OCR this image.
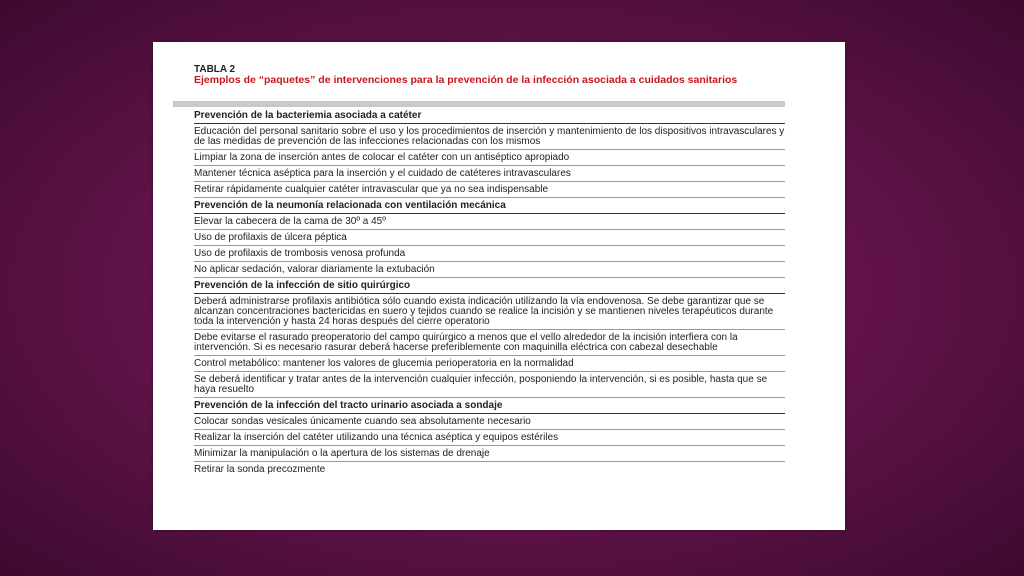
TABLA 2
Ejemplos de “paquetes” de intervenciones para la prevención de la infección asociada a cuidados sanitarios
Prevención de la bacteriemia asociada a catéter
Educación del personal sanitario sobre el uso y los procedimientos de inserción y mantenimiento de los dispositivos intravasculares y de las medidas de prevención de las infecciones relacionadas con los mismos
Limpiar la zona de inserción antes de colocar el catéter con un antiséptico apropiado
Mantener técnica aséptica para la inserción y el cuidado de catéteres intravasculares
Retirar rápidamente cualquier catéter intravascular que ya no sea indispensable
Prevención de la neumonía relacionada con ventilación mecánica
Elevar la cabecera de la cama de 30º a 45º
Uso de profilaxis de úlcera péptica
Uso de profilaxis de trombosis venosa profunda
No aplicar sedación, valorar diariamente la extubación
Prevención de la infección de sitio quirúrgico
Deberá administrarse profilaxis antibiótica sólo cuando exista indicación utilizando la vía endovenosa. Se debe garantizar que se alcanzan concentraciones bactericidas en suero y tejidos cuando se realice la incisión y se mantienen niveles terapéuticos durante toda la intervención y hasta 24 horas después del cierre operatorio
Debe evitarse el rasurado preoperatorio del campo quirúrgico a menos que el vello alrededor de la incisión interfiera con la intervención. Si es necesario rasurar deberá hacerse preferiblemente con maquinilla eléctrica con cabezal desechable
Control metabólico: mantener los valores de glucemia perioperatoria en la normalidad
Se deberá identificar y tratar antes de la intervención cualquier infección, posponiendo la intervención, si es posible, hasta que se haya resuelto
Prevención de la infección del tracto urinario asociada a sondaje
Colocar sondas vesicales únicamente cuando sea absolutamente necesario
Realizar la inserción del catéter utilizando una técnica aséptica y equipos estériles
Minimizar la manipulación o la apertura de los sistemas de drenaje
Retirar la sonda precozmente
